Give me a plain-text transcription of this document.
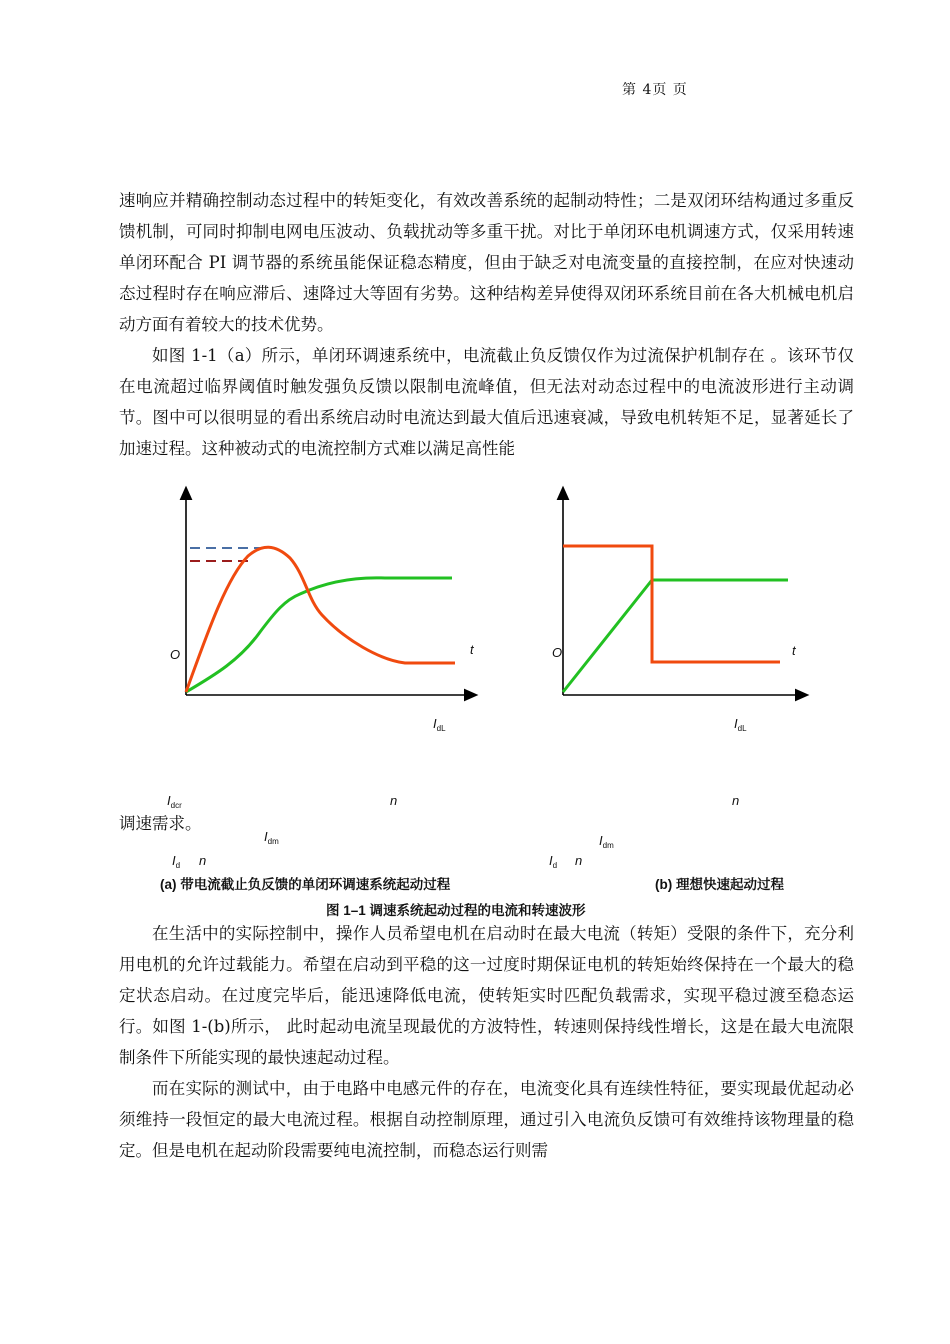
第 4页 页

速响应并精确控制动态过程中的转矩变化，有效改善系统的起制动特性；二是双闭环结构通过多重反馈机制，可同时抑制电网电压波动、负载扰动等多重干扰。对比于单闭环电机调速方式，仅采用转速单闭环配合 PI 调节器的系统虽能保证稳态精度，但由于缺乏对电流变量的直接控制，在应对快速动态过程时存在响应滞后、速降过大等固有劣势。这种结构差异使得双闭环系统目前在各大机械电机启动方面有着较大的技术优势。

如图 1-1（a）所示，单闭环调速系统中，电流截止负反馈仅作为过流保护机制存在 。该环节仅在电流超过临界阈值时触发强负反馈以限制电流峰值，但无法对动态过程中的电流波形进行主动调节。图中可以很明显的看出系统启动时电流达到最大值后迅速衰减，导致电机转矩不足，显著延长了加速过程。这种被动式的电流控制方式难以满足高性能

O	t
$I_{dL}$
$I_{dcr}$	n
$I_{dm}$
$I_d$ n
O	t
$I_{dL}$
n
$I_{dm}$
$I_d$ n
调速需求。
(a) 带电流截止负反馈的单闭环调速系统起动过程	(b) 理想快速起动过程
图 1–1 调速系统起动过程的电流和转速波形

在生活中的实际控制中，操作人员希望电机在启动时在最大电流（转矩）受限的条件下，充分利用电机的允许过载能力。希望在启动到平稳的这一过度时期保证电机的转矩始终保持在一个最大的稳定状态启动。在过度完毕后，能迅速降低电流，使转矩实时匹配负载需求，实现平稳过渡至稳态运行。如图 1-(b)所示， 此时起动电流呈现最优的方波特性，转速则保持线性增长，这是在最大电流限制条件下所能实现的最快速起动过程。

而在实际的测试中，由于电路中电感元件的存在，电流变化具有连续性特征，要实现最优起动必须维持一段恒定的最大电流过程。根据自动控制原理，通过引入电流负反馈可有效维持该物理量的稳定。但是电机在起动阶段需要纯电流控制，而稳态运行则需
